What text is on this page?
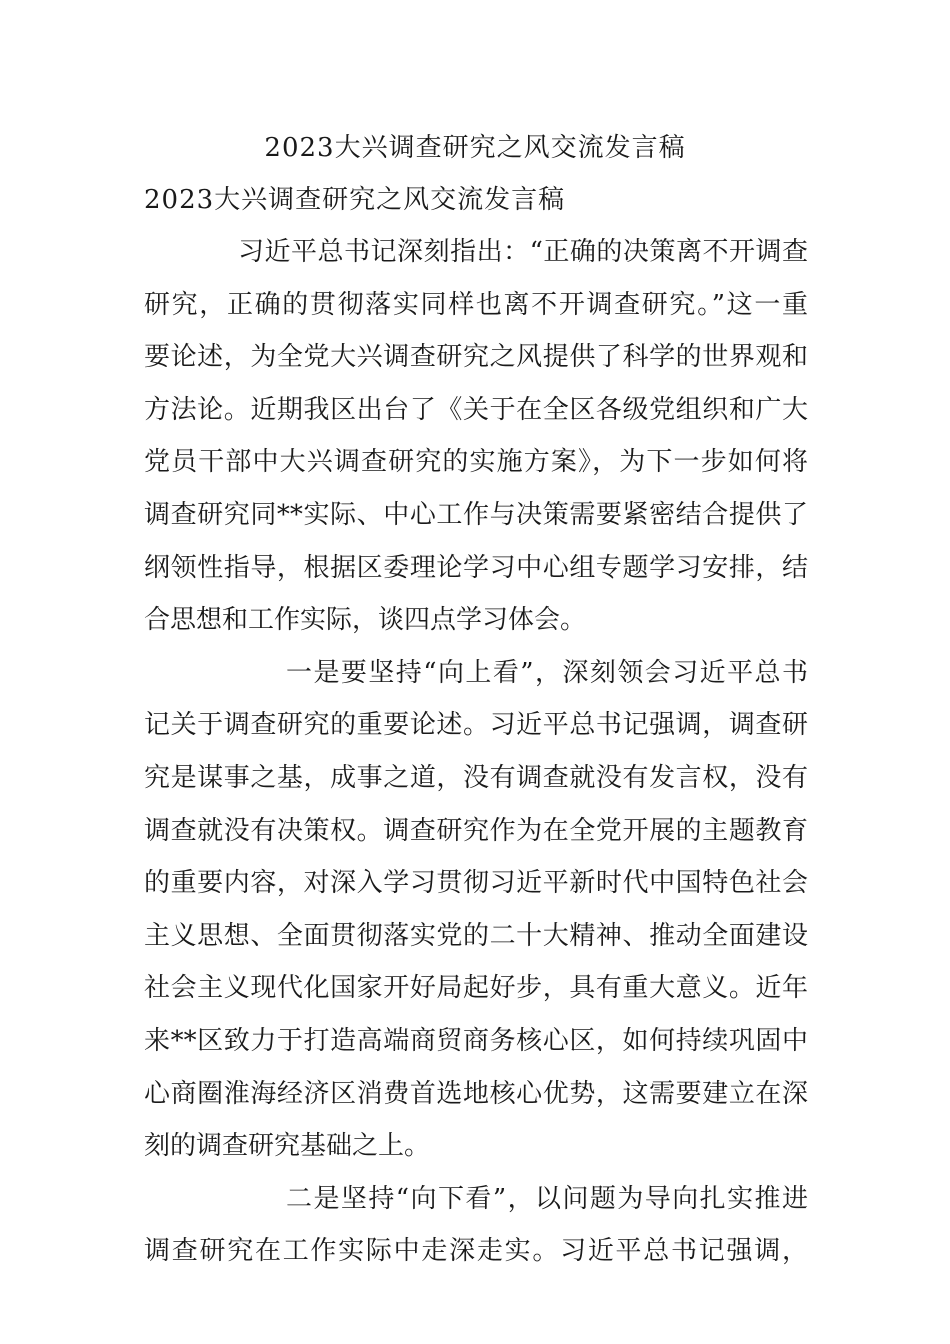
2023大兴调查研究之风交流发言稿
2023大兴调查研究之风交流发言稿
习近平总书记深刻指出：“正确的决策离不开调查
研究，正确的贯彻落实同样也离不开调查研究。”这一重
要论述，为全党大兴调查研究之风提供了科学的世界观和
方法论。近期我区出台了《关于在全区各级党组织和广大
党员干部中大兴调查研究的实施方案》，为下一步如何将
调查研究同**实际、中心工作与决策需要紧密结合提供了
纲领性指导，根据区委理论学习中心组专题学习安排，结
合思想和工作实际，谈四点学习体会。
一是要坚持“向上看”，深刻领会习近平总书
记关于调查研究的重要论述。习近平总书记强调，调查研
究是谋事之基，成事之道，没有调查就没有发言权，没有
调查就没有决策权。调查研究作为在全党开展的主题教育
的重要内容，对深入学习贯彻习近平新时代中国特色社会
主义思想、全面贯彻落实党的二十大精神、推动全面建设
社会主义现代化国家开好局起好步，具有重大意义。近年
来**区致力于打造高端商贸商务核心区，如何持续巩固中
心商圈淮海经济区消费首选地核心优势，这需要建立在深
刻的调查研究基础之上。
二是坚持“向下看”，以问题为导向扎实推进
调查研究在工作实际中走深走实。习近平总书记强调，
